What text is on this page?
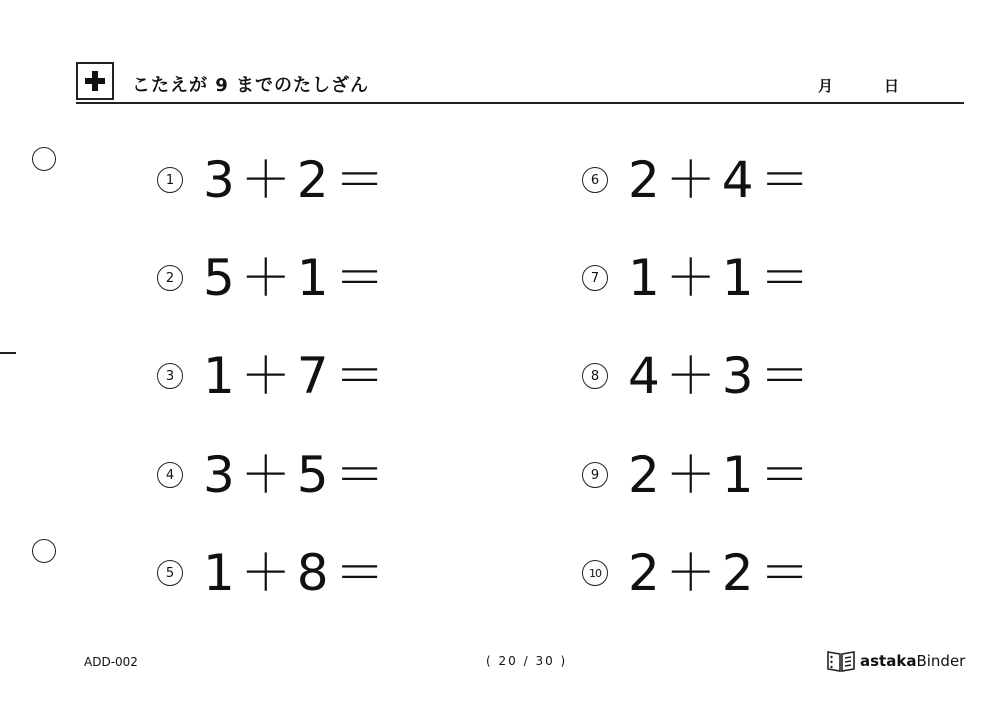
こたえが 9 までのたしざん	月	日
1 3＋2＝
2 5＋1＝
3 1＋7＝
4 3＋5＝
5 1＋8＝
6 2＋4＝
7 1＋1＝
8 4＋3＝
9 2＋1＝
10 2＋2＝
ADD-002	( 20 / 30 )	astaka Binder
